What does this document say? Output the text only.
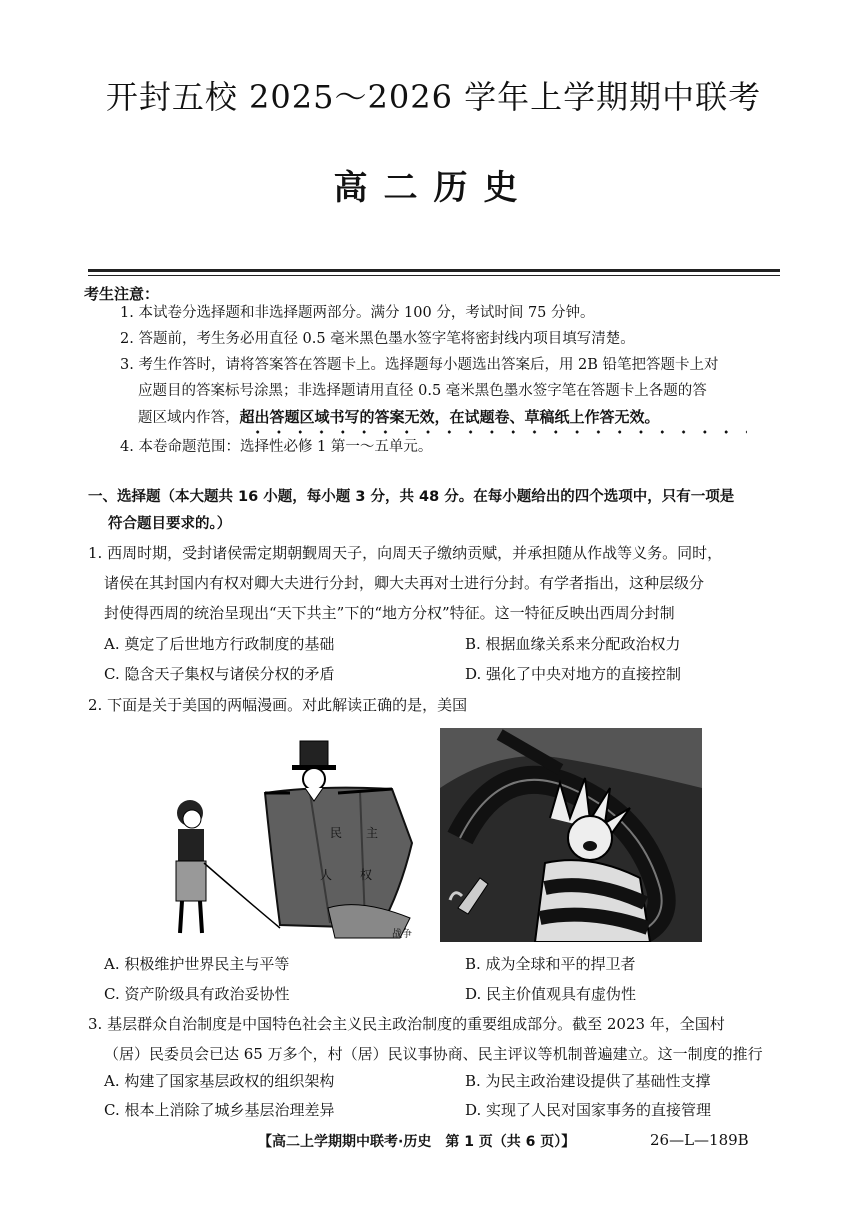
开封五校 2025～2026 学年上学期期中联考
高二历史
考生注意：
1. 本试卷分选择题和非选择题两部分。满分 100 分，考试时间 75 分钟。
2. 答题前，考生务必用直径 0.5 毫米黑色墨水签字笔将密封线内项目填写清楚。
3. 考生作答时，请将答案答在答题卡上。选择题每小题选出答案后，用 2B 铅笔把答题卡上对
应题目的答案标号涂黑；非选择题请用直径 0.5 毫米黑色墨水签字笔在答题卡上各题的答
题区域内作答，超出答题区域书写的答案无效，在试题卷、草稿纸上作答无效。
4. 本卷命题范围：选择性必修 1 第一～五单元。
一、选择题（本大题共 16 小题，每小题 3 分，共 48 分。在每小题给出的四个选项中，只有一项是
符合题目要求的。）
1. 西周时期，受封诸侯需定期朝觐周天子，向周天子缴纳贡赋，并承担随从作战等义务。同时，
诸侯在其封国内有权对卿大夫进行分封，卿大夫再对士进行分封。有学者指出，这种层级分
封使得西周的统治呈现出“天下共主”下的“地方分权”特征。这一特征反映出西周分封制
A. 奠定了后世地方行政制度的基础	B. 根据血缘关系来分配政治权力
C. 隐含天子集权与诸侯分权的矛盾	D. 强化了中央对地方的直接控制
2. 下面是关于美国的两幅漫画。对此解读正确的是，美国
民 主
人 权
战争
A. 积极维护世界民主与平等	B. 成为全球和平的捍卫者
C. 资产阶级具有政治妥协性	D. 民主价值观具有虚伪性
3. 基层群众自治制度是中国特色社会主义民主政治制度的重要组成部分。截至 2023 年，全国村
（居）民委员会已达 65 万多个，村（居）民议事协商、民主评议等机制普遍建立。这一制度的推行
A. 构建了国家基层政权的组织架构	B. 为民主政治建设提供了基础性支撑
C. 根本上消除了城乡基层治理差异	D. 实现了人民对国家事务的直接管理
【高二上学期期中联考·历史　第 1 页（共 6 页）】	26—L—189B
